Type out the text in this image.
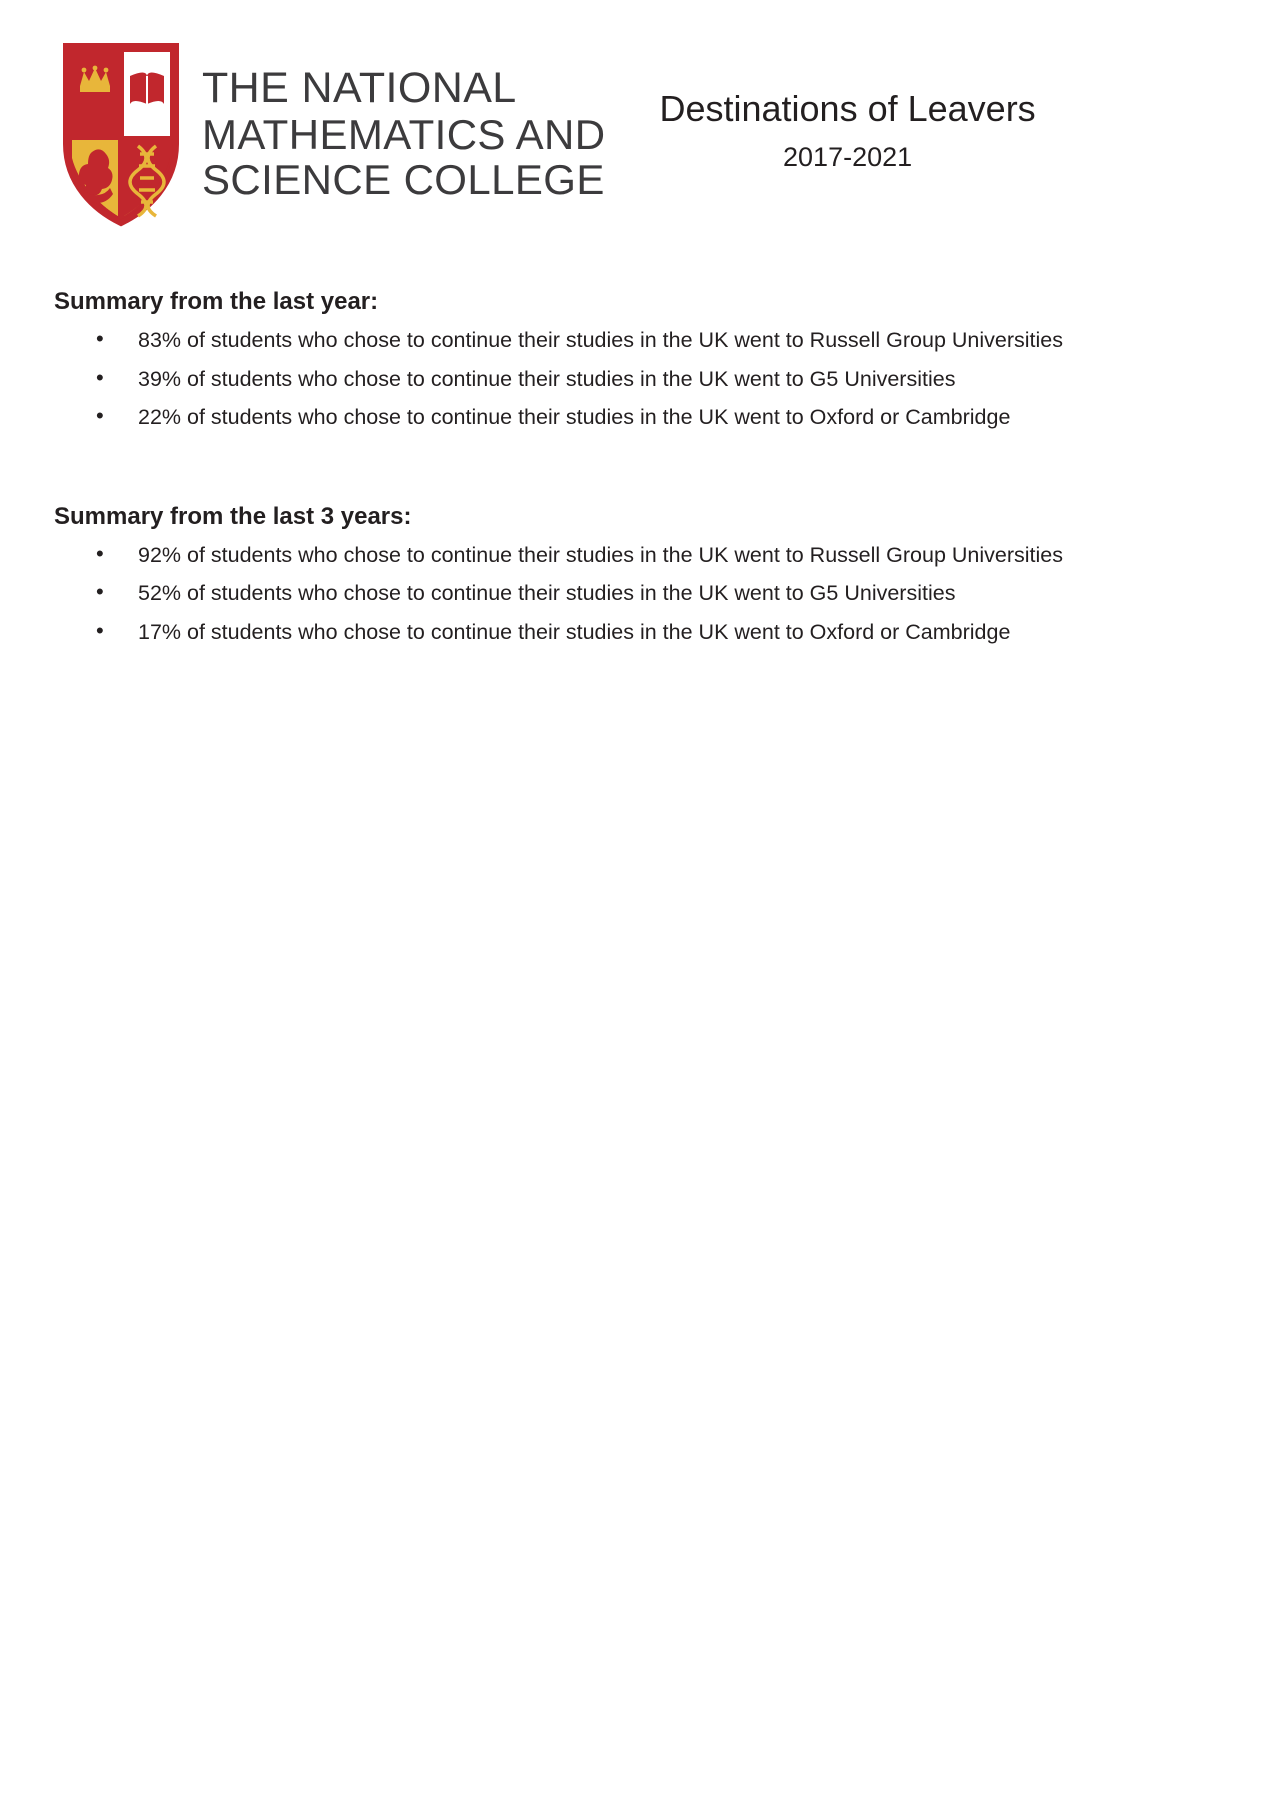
THE NATIONAL
MATHEMATICS AND
SCIENCE COLLEGE
Destinations of Leavers
2017-2021
Summary from the last year:
• 83% of students who chose to continue their studies in the UK went to Russell Group Universities
• 39% of students who chose to continue their studies in the UK went to G5 Universities
• 22% of students who chose to continue their studies in the UK went to Oxford or Cambridge
Summary from the last 3 years:
• 92% of students who chose to continue their studies in the UK went to Russell Group Universities
• 52% of students who chose to continue their studies in the UK went to G5 Universities
• 17% of students who chose to continue their studies in the UK went to Oxford or Cambridge
